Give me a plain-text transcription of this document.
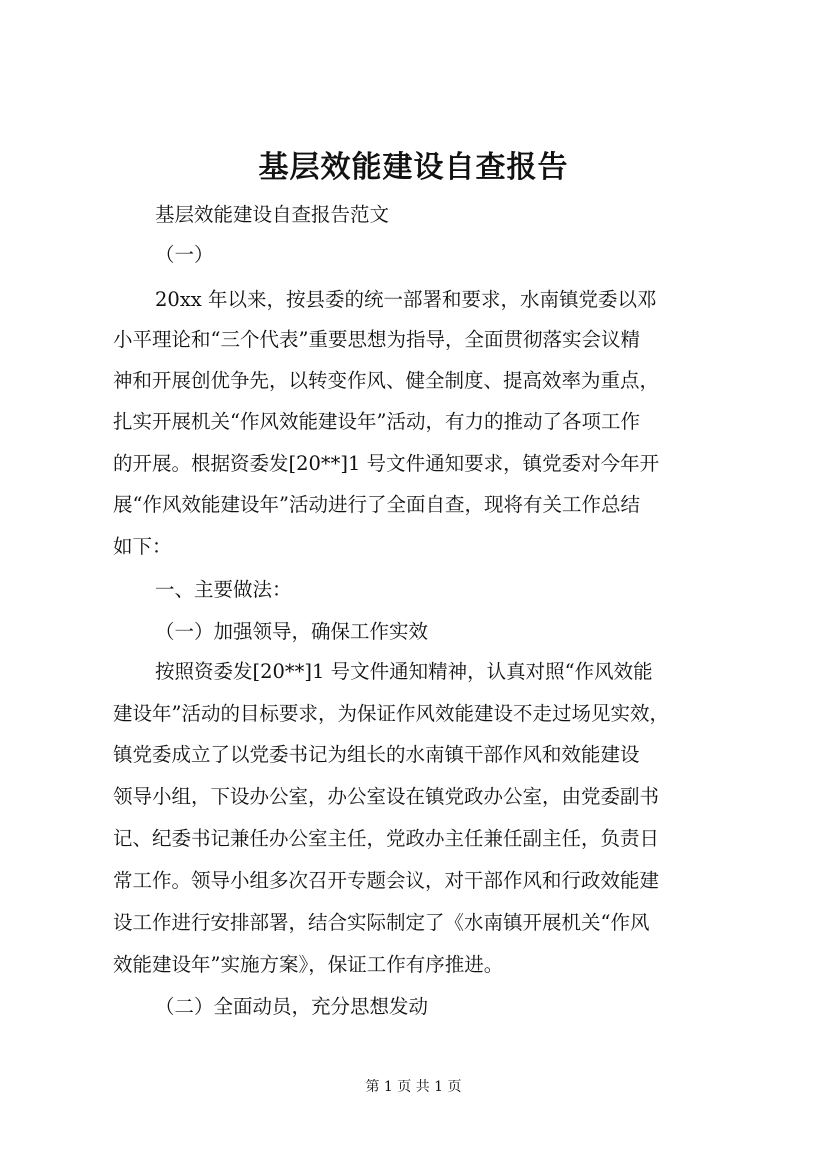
基层效能建设自查报告
基层效能建设自查报告范文
（一）
20xx 年以来，按县委的统一部署和要求，水南镇党委以邓
小平理论和“三个代表”重要思想为指导，全面贯彻落实会议精
神和开展创优争先，以转变作风、健全制度、提高效率为重点，
扎实开展机关“作风效能建设年”活动，有力的推动了各项工作
的开展。根据资委发[20**]1 号文件通知要求，镇党委对今年开
展“作风效能建设年”活动进行了全面自查，现将有关工作总结
如下：
一、主要做法：
（一）加强领导，确保工作实效
按照资委发[20**]1 号文件通知精神，认真对照“作风效能
建设年”活动的目标要求，为保证作风效能建设不走过场见实效，
镇党委成立了以党委书记为组长的水南镇干部作风和效能建设
领导小组，下设办公室，办公室设在镇党政办公室，由党委副书
记、纪委书记兼任办公室主任，党政办主任兼任副主任，负责日
常工作。领导小组多次召开专题会议，对干部作风和行政效能建
设工作进行安排部署，结合实际制定了《水南镇开展机关“作风
效能建设年”实施方案》，保证工作有序推进。
（二）全面动员，充分思想发动
第 1 页 共 1 页
